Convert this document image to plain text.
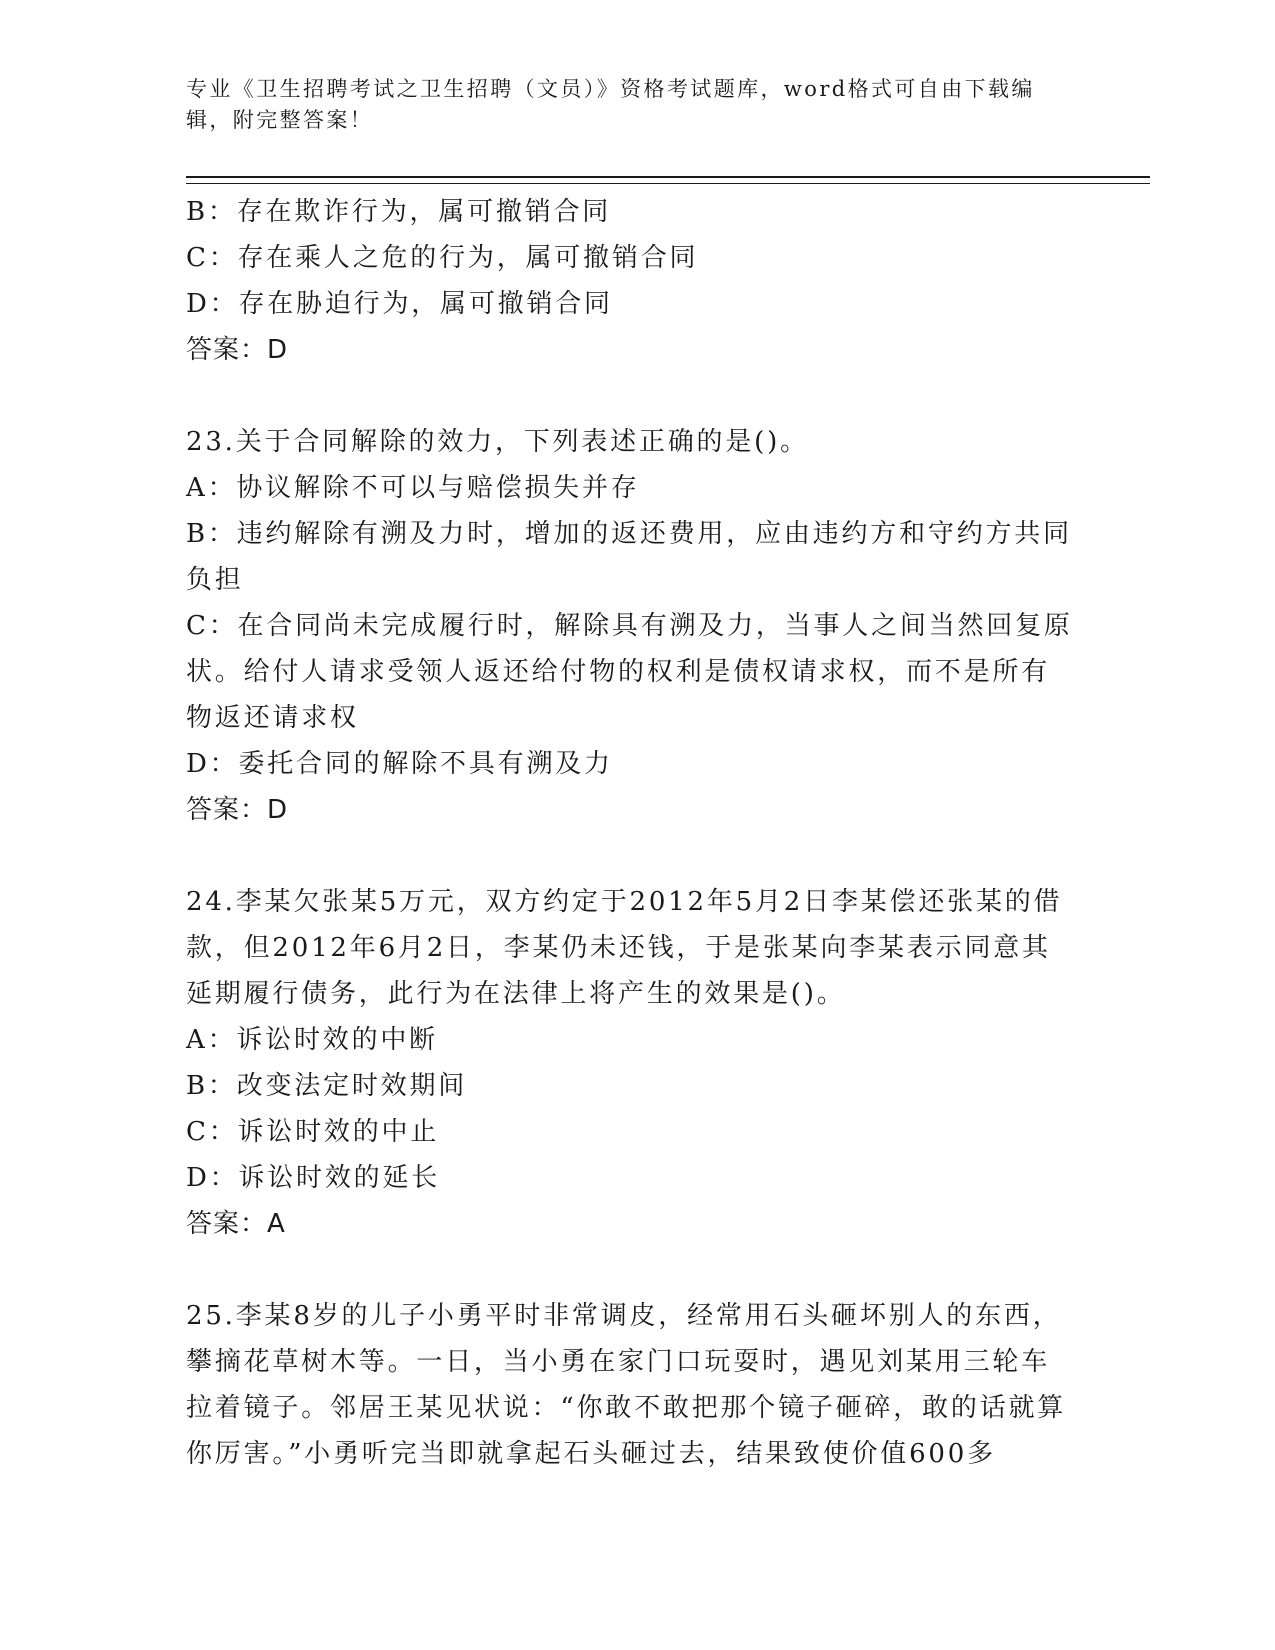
专业《卫生招聘考试之卫生招聘（文员）》资格考试题库，word格式可自由下载编辑，附完整答案！

B：存在欺诈行为，属可撤销合同

C：存在乘人之危的行为，属可撤销合同

D：存在胁迫行为，属可撤销合同

答案：D

23.关于合同解除的效力，下列表述正确的是()。

A：协议解除不可以与赔偿损失并存

B：违约解除有溯及力时，增加的返还费用，应由违约方和守约方共同负担

C：在合同尚未完成履行时，解除具有溯及力，当事人之间当然回复原状。给付人请求受领人返还给付物的权利是债权请求权，而不是所有物返还请求权

D：委托合同的解除不具有溯及力

答案：D

24.李某欠张某5万元，双方约定于2012年5月2日李某偿还张某的借款，但2012年6月2日，李某仍未还钱，于是张某向李某表示同意其延期履行债务，此行为在法律上将产生的效果是()。

A：诉讼时效的中断

B：改变法定时效期间

C：诉讼时效的中止

D：诉讼时效的延长

答案：A

25.李某8岁的儿子小勇平时非常调皮，经常用石头砸坏别人的东西，攀摘花草树木等。一日，当小勇在家门口玩耍时，遇见刘某用三轮车拉着镜子。邻居王某见状说：“你敢不敢把那个镜子砸碎，敢的话就算你厉害。”小勇听完当即就拿起石头砸过去，结果致使价值600多
